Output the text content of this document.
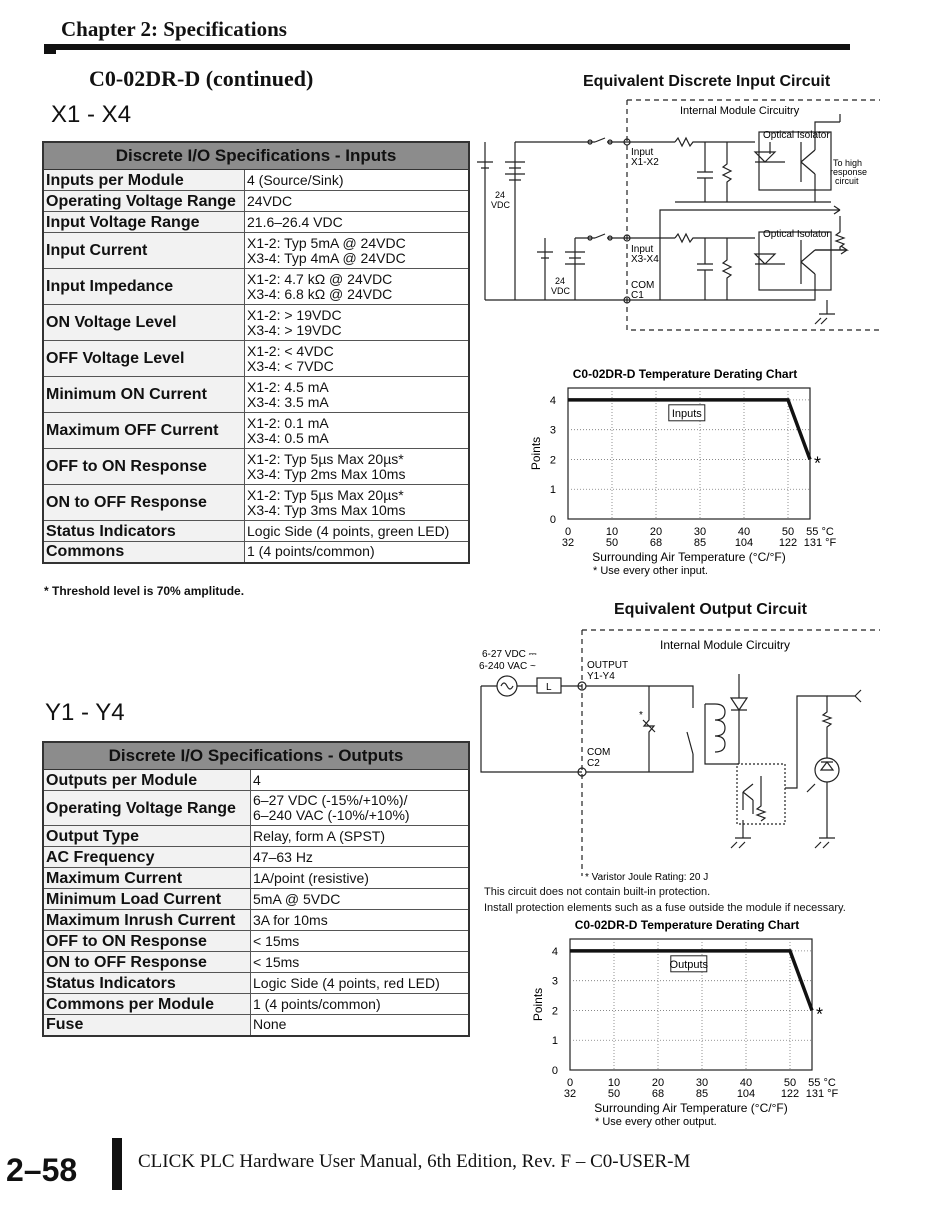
Chapter 2: Specifications
C0-02DR-D (continued)
X1 - X4
Discrete I/O Specifications - Inputs	
Inputs per Module	4 (Source/Sink)

Operating Voltage Range	24VDC

Input Voltage Range	21.6–26.4 VDC

Input Current	X1-2: Typ 5mA @ 24VDC
X3-4: Typ 4mA @ 24VDC

Input Impedance	X1-2: 4.7 kΩ @ 24VDC
X3-4: 6.8 kΩ @ 24VDC

ON Voltage Level	X1-2: > 19VDC
X3-4: > 19VDC

OFF Voltage Level	X1-2: < 4VDC
X3-4: < 7VDC

Minimum ON Current	X1-2: 4.5 mA
X3-4: 3.5 mA

Maximum OFF Current	X1-2: 0.1 mA
X3-4: 0.5 mA

OFF to ON Response	X1-2: Typ 5µs Max 20µs*
X3-4: Typ 2ms Max 10ms

ON to OFF Response	X1-2: Typ 5µs Max 20µs*
X3-4: Typ 3ms Max 10ms

Status Indicators	Logic Side (4 points, green LED)

Commons	1 (4 points/common)
* Threshold level is 70% amplitude.
Y1 - Y4
Discrete I/O Specifications - Outputs	
Outputs per Module	4

Operating Voltage Range	6–27 VDC (-15%/+10%)/
6–240 VAC (-10%/+10%)

Output Type	Relay, form A (SPST)

AC Frequency	47–63 Hz

Maximum Current	1A/point (resistive)

Minimum Load Current	5mA @ 5VDC

Maximum Inrush Current	3A for 10ms

OFF to ON Response	< 15ms

ON to OFF Response	< 15ms

Status Indicators	Logic Side (4 points, red LED)

Commons per Module	1 (4 points/common)

Fuse	None
Equivalent Discrete Input Circuit
Internal Module Circuitry
Optical Isolator
Optical Isolator
To high
response
circuit
Input
X1-X2
Input
X3-X4
COM
C1
24
VDC
24
VDC
C0-02DR-D Temperature Derating Chart
0
32
10
50
20
68
30
85
40
104
50
122
55 °C
131 °F
0
1
2
3
4
Points
Surrounding Air Temperature (°C/°F)
Inputs
*
* Use every other input.
Equivalent Output Circuit
Internal Module Circuitry
6-27 VDC ⎓
6-240 VAC ~
L
OUTPUT
Y1-Y4
COM
C2
*
* Varistor Joule Rating: 20 J
This circuit does not contain built-in protection.
Install protection elements such as a fuse outside the module if necessary.
C0-02DR-D Temperature Derating Chart
0
32
10
50
20
68
30
85
40
104
50
122
55 °C
131 °F
0
1
2
3
4
Points
Surrounding Air Temperature (°C/°F)
Outputs
*
* Use every other output.
2–58	CLICK PLC Hardware User Manual, 6th Edition, Rev. F – C0-USER-M
